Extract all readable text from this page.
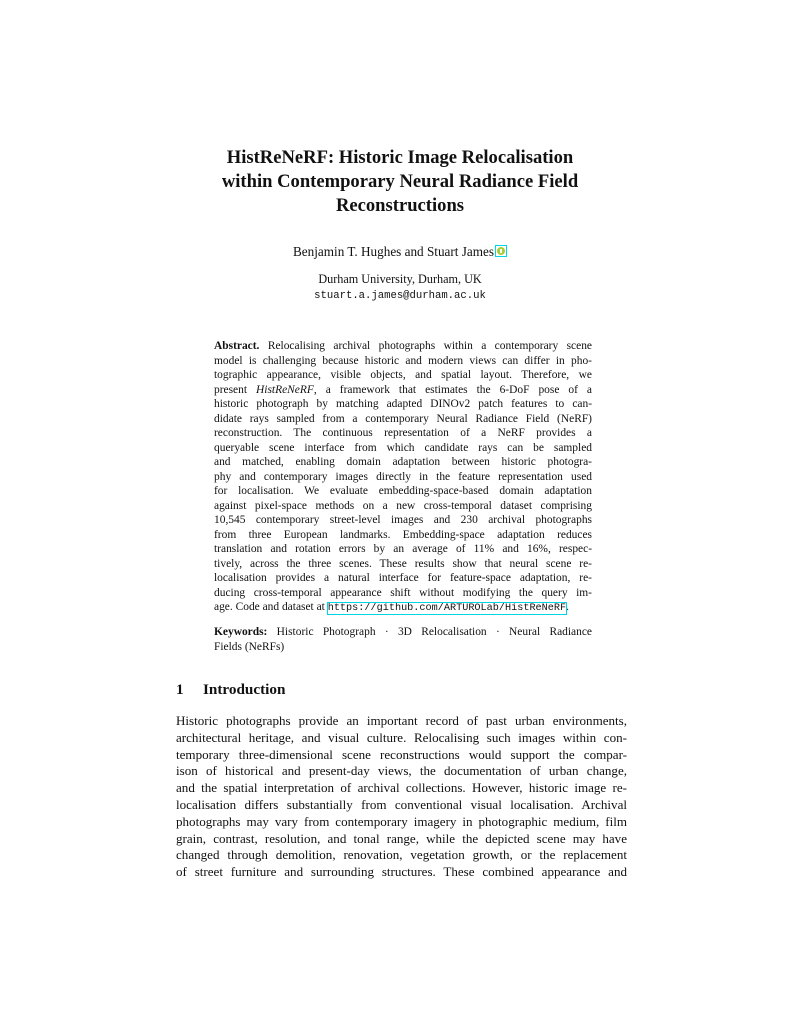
HistReNeRF: Historic Image Relocalisation
within Contemporary Neural Radiance Field
Reconstructions
Benjamin T. Hughes and Stuart James
Durham University, Durham, UK
stuart.a.james@durham.ac.uk
Abstract. Relocalising archival photographs within a contemporary scene
model is challenging because historic and modern views can differ in pho-
tographic appearance, visible objects, and spatial layout. Therefore, we
present HistReNeRF, a framework that estimates the 6-DoF pose of a
historic photograph by matching adapted DINOv2 patch features to can-
didate rays sampled from a contemporary Neural Radiance Field (NeRF)
reconstruction. The continuous representation of a NeRF provides a
queryable scene interface from which candidate rays can be sampled
and matched, enabling domain adaptation between historic photogra-
phy and contemporary images directly in the feature representation used
for localisation. We evaluate embedding-space-based domain adaptation
against pixel-space methods on a new cross-temporal dataset comprising
10,545 contemporary street-level images and 230 archival photographs
from three European landmarks. Embedding-space adaptation reduces
translation and rotation errors by an average of 11% and 16%, respec-
tively, across the three scenes. These results show that neural scene re-
localisation provides a natural interface for feature-space adaptation, re-
ducing cross-temporal appearance shift without modifying the query im-
age. Code and dataset at https://github.com/ARTUROLab/HistReNeRF.
Keywords: Historic Photograph · 3D Relocalisation · Neural Radiance
Fields (NeRFs)
1 Introduction
Historic photographs provide an important record of past urban environments,
architectural heritage, and visual culture. Relocalising such images within con-
temporary three-dimensional scene reconstructions would support the compar-
ison of historical and present-day views, the documentation of urban change,
and the spatial interpretation of archival collections. However, historic image re-
localisation differs substantially from conventional visual localisation. Archival
photographs may vary from contemporary imagery in photographic medium, film
grain, contrast, resolution, and tonal range, while the depicted scene may have
changed through demolition, renovation, vegetation growth, or the replacement
of street furniture and surrounding structures. These combined appearance and
